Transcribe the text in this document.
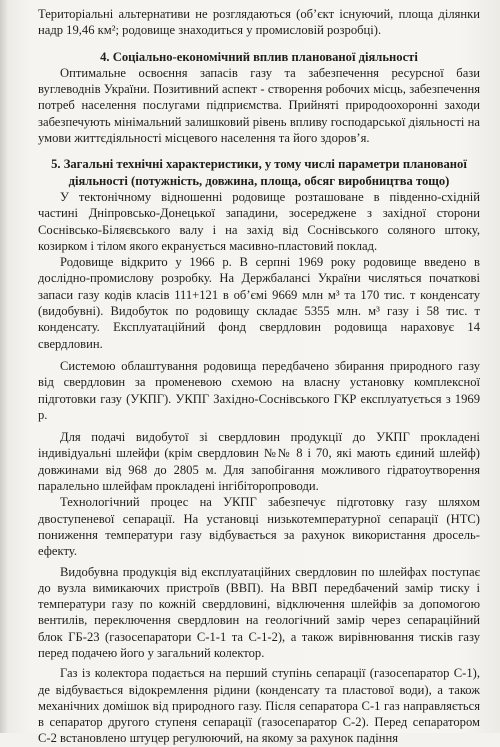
Територіальні альтернативи не розглядаються (об’єкт існуючий, площа ділянки надр 19,46 км²; родовище знаходиться у промисловій розробці).

4. Соціально-економічний вплив планованої діяльності

Оптимальне освоєння запасів газу та забезпечення ресурсної бази вуглеводнів України. Позитивний аспект - створення робочих місць, забезпечення потреб населення послугами підприємства. Прийняті природоохоронні заходи забезпечують мінімальний залишковий рівень впливу господарської діяльності на умови життєдіяльності місцевого населення та його здоров’я.

5. Загальні технічні характеристики, у тому числі параметри планованої діяльності (потужність, довжина, площа, обсяг виробництва тощо)

У тектонічному відношенні родовище розташоване в південно-східній частині Дніпровсько-Донецької западини, зосереджене з західної сторони Соснівсько-Біляєвського валу і на захід від Соснівського соляного штоку, козирком і тілом якого екранується масивно-пластовий поклад.

Родовище відкрито у 1966 р. В серпні 1969 року родовище введено в дослідно-промислову розробку. На Держбалансі України числяться початкові запаси газу кодів класів 111+121 в об’ємі 9669 млн м³ та 170 тис. т конденсату (видобувні). Видобуток по родовищу складає 5355 млн. м³ газу і 58 тис. т конденсату. Експлуатаційний фонд свердловин родовища нараховує 14 свердловин.

Системою облаштування родовища передбачено збирання природного газу від свердловин за променевою схемою на власну установку комплексної підготовки газу (УКПГ). УКПГ Західно-Соснівського ГКР експлуатується з 1969 р.

Для подачі видобутої зі свердловин продукції до УКПГ прокладені індивідуальні шлейфи (крім свердловин №№ 8 і 70, які мають єдиний шлейф) довжинами від 968 до 2805 м. Для запобігання можливого гідратоутворення паралельно шлейфам прокладені інгібіторопроводи.

Технологічний процес на УКПГ забезпечує підготовку газу шляхом двоступеневої сепарації. На установці низькотемпературної сепарації (НТС) пониження температури газу відбувається за рахунок використання дросель-ефекту.

Видобувна продукція від експлуатаційних свердловин по шлейфах поступає до вузла вимикаючих пристроїв (ВВП). На ВВП передбачений замір тиску і температури газу по кожній свердловині, відключення шлейфів за допомогою вентилів, переключення свердловин на геологічний замір через сепараційний блок ГБ-23 (газосепаратори С-1-1 та С-1-2), а також вирівнювання тисків газу перед подачею його у загальний колектор.

Газ із колектора подається на перший ступінь сепарації (газосепаратор С-1), де відбувається відокремлення рідини (конденсату та пластової води), а також механічних домішок від природного газу. Після сепаратора С-1 газ направляється в сепаратор другого ступеня сепарації (газосепаратор С-2). Перед сепаратором С-2 встановлено штуцер регулюючий, на якому за рахунок падіння
